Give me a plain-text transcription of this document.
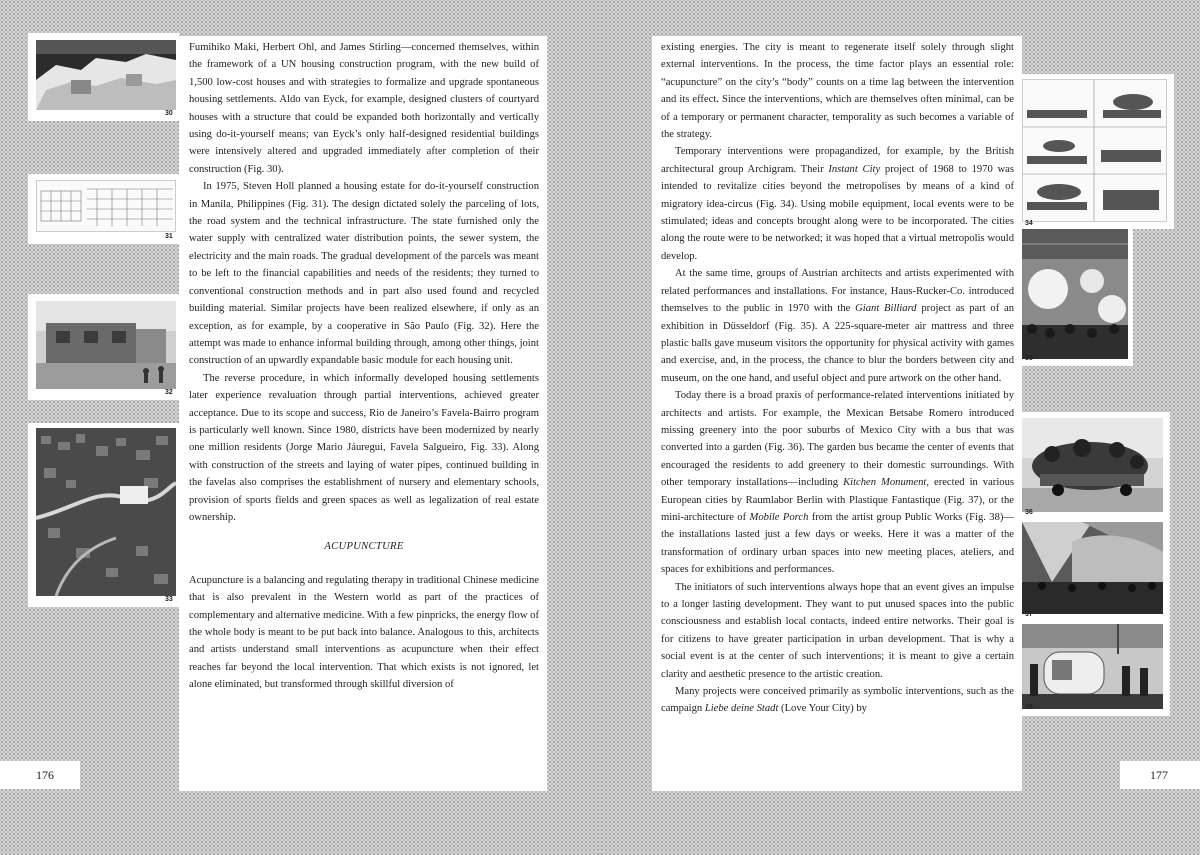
Fumihiko Maki, Herbert Ohl, and James Stirling—concerned themselves, within the framework of a UN housing construction program, with the new build of 1,500 low-cost houses and with strategies to formalize and upgrade spontaneous housing settlements. Aldo van Eyck, for example, designed clusters of courtyard houses with a structure that could be expanded both horizontally and vertically using do-it-yourself means; van Eyck’s only half-designed residential buildings were intensively altered and upgraded immediately after completion of their construction (Fig. 30).

In 1975, Steven Holl planned a housing estate for do-it-yourself construction in Manila, Philippines (Fig. 31). The design dictated solely the parceling of lots, the road system and the technical infrastructure. The state furnished only the water supply with centralized water distribution points, the sewer system, the electricity and the main roads. The gradual development of the parcels was meant to be left to the financial capabilities and needs of the residents; they turned to conventional construction methods and in part also used found and recycled building material. Similar projects have been realized elsewhere, if only as an exception, as for example, by a cooperative in São Paulo (Fig. 32). Here the attempt was made to enhance informal building through, among other things, joint construction of an upwardly expandable basic module for each housing unit.

The reverse procedure, in which informally developed housing settlements later experience revaluation through partial interventions, achieved greater acceptance. Due to its scope and success, Rio de Janeiro’s Favela-Bairro program is particularly well known. Since 1980, districts have been modernized by nearly one million residents (Jorge Mario Jáuregui, Favela Salgueiro, Fig. 33). Along with construction of the streets and laying of water pipes, continued building in the favelas also comprises the establishment of nursery and elementary schools, provision of sports fields and green spaces as well as legalization of real estate ownership.

ACUPUNCTURE

Acupuncture is a balancing and regulating therapy in traditional Chinese medicine that is also prevalent in the Western world as part of the practices of complementary and alternative medicine. With a few pinpricks, the energy flow of the whole body is meant to be put back into balance. Analogous to this, architects and artists understand small interventions as acupuncture when their effect reaches far beyond the local intervention. That which exists is not ignored, let alone eliminated, but transformed through skillful diversion of

176

existing energies. The city is meant to regenerate itself solely through slight external interventions. In the process, the time factor plays an essential role: “acupuncture” on the city’s “body” counts on a time lag between the intervention and its effect. Since the interventions, which are themselves often minimal, can be of a temporary or permanent character, temporality as such becomes a variable of the strategy.

Temporary interventions were propagandized, for example, by the British architectural group Archigram. Their Instant City project of 1968 to 1970 was intended to revitalize cities beyond the metropolises by means of a kind of migratory idea-circus (Fig. 34). Using mobile equipment, local events were to be stimulated; ideas and concepts brought along were to be incorporated. The cities along the route were to be networked; it was hoped that a virtual metropolis would develop.

At the same time, groups of Austrian architects and artists experimented with related performances and installations. For instance, Haus-Rucker-Co. introduced themselves to the public in 1970 with the Giant Billiard project as part of an exhibition in Düsseldorf (Fig. 35). A 225-square-meter air mattress and three plastic balls gave museum visitors the opportunity for physical activity with games and exercise, and, in the process, the chance to blur the borders between city and museum, on the one hand, and useful object and pure artwork on the other hand.

Today there is a broad praxis of performance-related interventions initiated by architects and artists. For example, the Mexican Betsabe Romero introduced missing greenery into the poor suburbs of Mexico City with a bus that was converted into a garden (Fig. 36). The garden bus became the center of events that encouraged the residents to add greenery to their domestic surroundings. With other temporary installations—including Kitchen Monument, erected in various European cities by Raumlabor Berlin with Plastique Fantastique (Fig. 37), or the mini-architecture of Mobile Porch from the artist group Public Works (Fig. 38)—the installations lasted just a few days or weeks. Here it was a matter of the transformation of ordinary urban spaces into new meeting places, ateliers, and spaces for exhibitions and performances.

The initiators of such interventions always hope that an event gives an impulse to a longer lasting development. They want to put unused spaces into the public consciousness and establish local contacts, indeed entire networks. Their goal is for citizens to have greater participation in urban development. That is why a social event is at the center of such interventions; it is meant to give a certain clarity and aesthetic presence to the artistic creation.

Many projects were conceived primarily as symbolic interventions, such as the campaign Liebe deine Stadt (Love Your City) by

177
30
31
32
33
34
35
36
37
38
